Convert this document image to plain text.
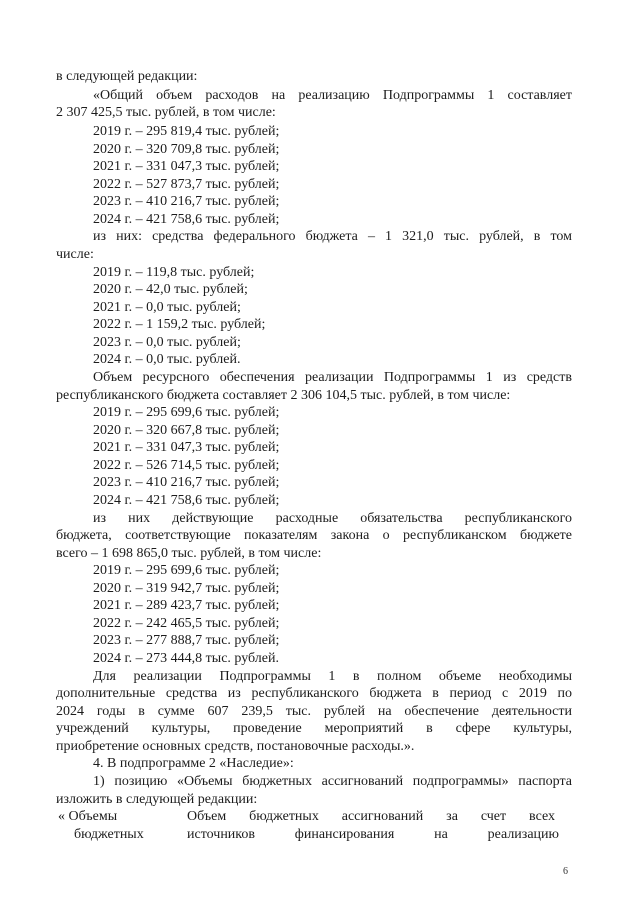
в следующей редакции:
«Общий объем расходов на реализацию Подпрограммы 1 составляет
2 307 425,5 тыс. рублей, в том числе:
2019 г. – 295 819,4 тыс. рублей;
2020 г. – 320 709,8 тыс. рублей;
2021 г. – 331 047,3 тыс. рублей;
2022 г. – 527 873,7 тыс. рублей;
2023 г. – 410 216,7 тыс. рублей;
2024 г. – 421 758,6 тыс. рублей;
из них: средства федерального бюджета – 1 321,0 тыс. рублей, в том
числе:
2019 г. – 119,8 тыс. рублей;
2020 г. – 42,0 тыс. рублей;
2021 г. – 0,0 тыс. рублей;
2022 г. – 1 159,2 тыс. рублей;
2023 г. – 0,0 тыс. рублей;
2024 г. – 0,0 тыс. рублей.
Объем ресурсного обеспечения реализации Подпрограммы 1 из средств
республиканского бюджета составляет 2 306 104,5 тыс. рублей, в том числе:
2019 г. – 295 699,6 тыс. рублей;
2020 г. – 320 667,8 тыс. рублей;
2021 г. – 331 047,3 тыс. рублей;
2022 г. – 526 714,5 тыс. рублей;
2023 г. – 410 216,7 тыс. рублей;
2024 г. – 421 758,6 тыс. рублей;
из них действующие расходные обязательства республиканского
бюджета, соответствующие показателям закона о республиканском бюджете
всего – 1 698 865,0 тыс. рублей, в том числе:
2019 г. – 295 699,6 тыс. рублей;
2020 г. – 319 942,7 тыс. рублей;
2021 г. – 289 423,7 тыс. рублей;
2022 г. – 242 465,5 тыс. рублей;
2023 г. – 277 888,7 тыс. рублей;
2024 г. – 273 444,8 тыс. рублей.
Для реализации Подпрограммы 1 в полном объеме необходимы
дополнительные средства из республиканского бюджета в период с 2019 по
2024 годы в сумме 607 239,5 тыс. рублей на обеспечение деятельности
учреждений культуры, проведение мероприятий в сфере культуры,
приобретение основных средств, постановочные расходы.».
4. В подпрограмме 2 «Наследие»:
1) позицию «Объемы бюджетных ассигнований подпрограммы» паспорта
изложить в следующей редакции:
« Объемы
бюджетных
Объем бюджетных ассигнований за счет всех
источников финансирования на реализацию
6
